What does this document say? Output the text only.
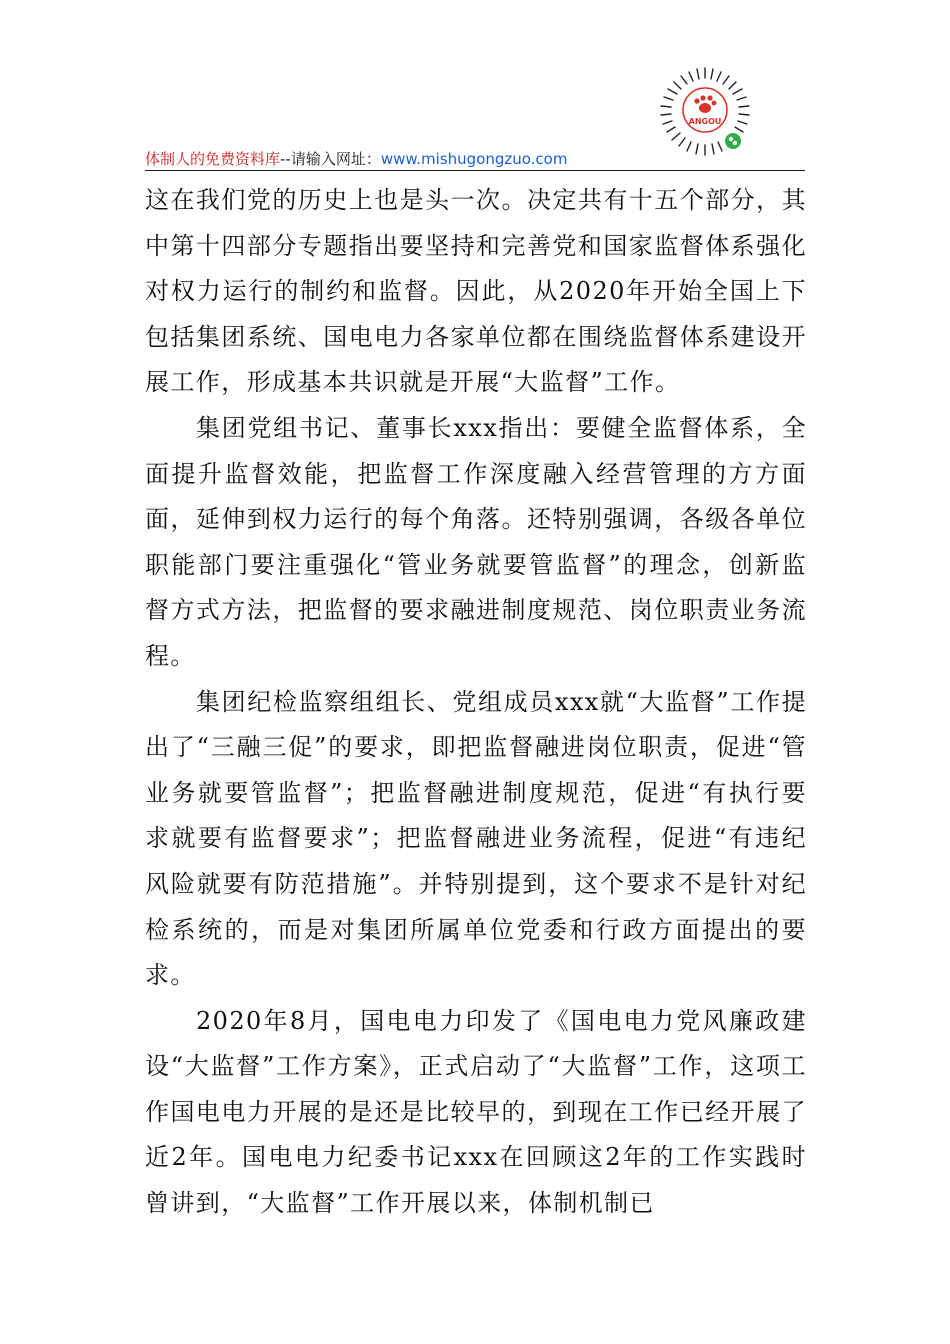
ANGOU
体制人的免费资料库--请输入网址：www.mishugongzuo.com

这在我们党的历史上也是头一次。决定共有十五个部分，其中第十四部分专题指出要坚持和完善党和国家监督体系强化对权力运行的制约和监督。因此，从2020年开始全国上下包括集团系统、国电电力各家单位都在围绕监督体系建设开展工作，形成基本共识就是开展“大监督”工作。

集团党组书记、董事长xxx指出：要健全监督体系，全面提升监督效能，把监督工作深度融入经营管理的方方面面，延伸到权力运行的每个角落。还特别强调，各级各单位职能部门要注重强化“管业务就要管监督”的理念，创新监督方式方法，把监督的要求融进制度规范、岗位职责业务流程。

集团纪检监察组组长、党组成员xxx就“大监督”工作提出了“三融三促”的要求，即把监督融进岗位职责，促进“管业务就要管监督”；把监督融进制度规范，促进“有执行要求就要有监督要求”；把监督融进业务流程，促进“有违纪风险就要有防范措施”。并特别提到，这个要求不是针对纪检系统的，而是对集团所属单位党委和行政方面提出的要求。

2020年8月，国电电力印发了《国电电力党风廉政建设“大监督”工作方案》，正式启动了“大监督”工作，这项工作国电电力开展的是还是比较早的，到现在工作已经开展了近2年。国电电力纪委书记xxx在回顾这2年的工作实践时曾讲到，“大监督”工作开展以来，体制机制已
